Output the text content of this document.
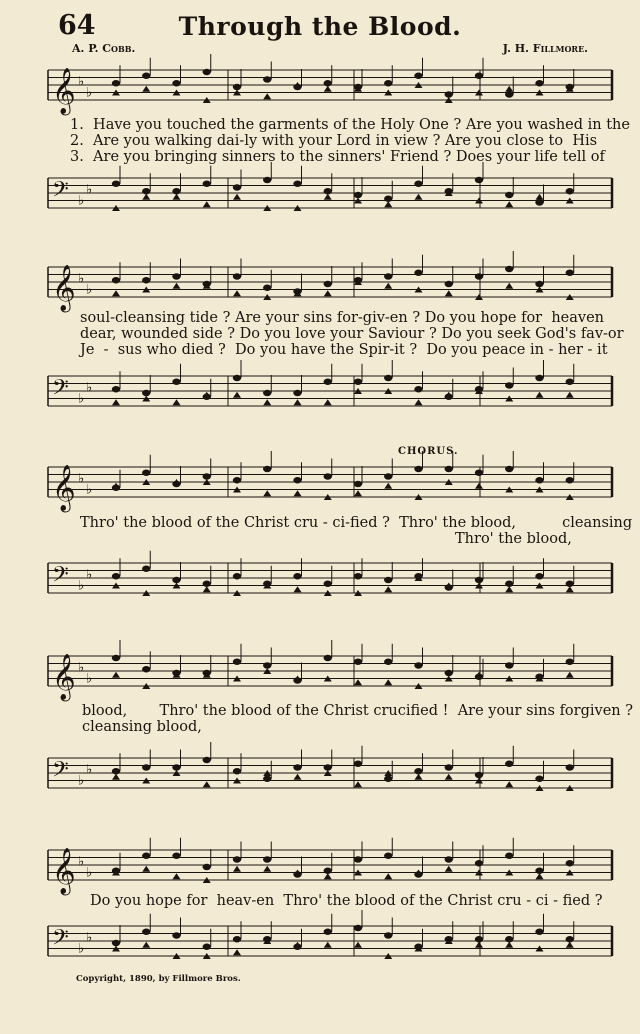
64	Through the Blood.
A. P. Cobb.	J. H. Fillmore.
𝄞 ♭
♭
1.  Have you touched the garments of the Holy One ? Are you washed in the
2.  Are you walking dai-ly with your Lord in view ? Are you close to  His
3.  Are you bringing sinners to the sinners' Friend ? Does your life tell of
𝄢 ♭
♭
𝄞 ♭
♭
soul-cleansing tide ? Are your sins for-giv-en ? Do you hope for  heaven
dear, wounded side ? Do you love your Saviour ? Do you seek God's fav-or
Je  -  sus who died ?  Do you have the Spir-it ?  Do you peace in - her - it
𝄢 ♭
♭
CHORUS.
𝄞 ♭
♭
Thro' the blood of the Christ cru - ci-fied ?  Thro' the blood,          cleansing
Thro' the blood,
𝄢 ♭
♭
𝄞 ♭
♭
blood,       Thro' the blood of the Christ crucified !  Are your sins forgiven ?
cleansing blood,
𝄢 ♭
♭
𝄞 ♭
♭
Do you hope for  heav-en  Thro' the blood of the Christ cru - ci - fied ?
𝄢 ♭
♭
Copyright, 1890, by Fillmore Bros.
